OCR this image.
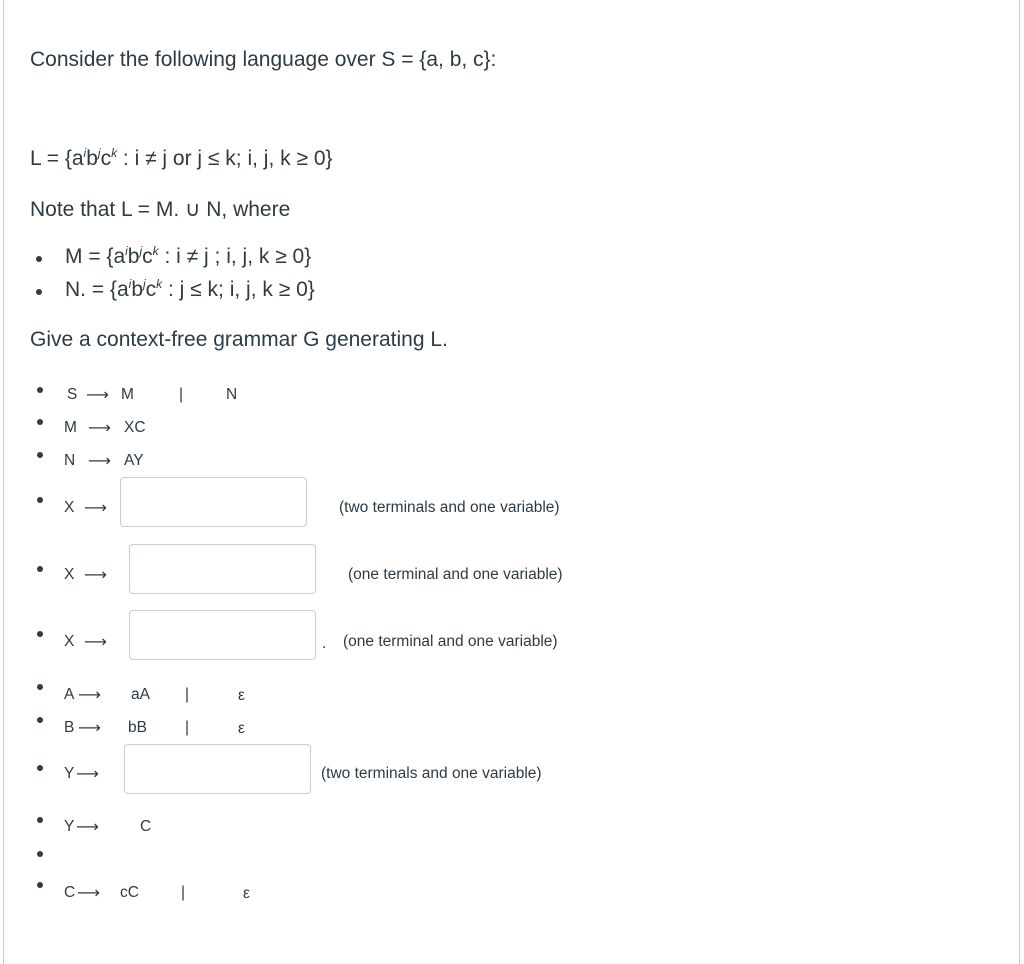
Consider the following language over S = {a, b, c}:
$L = \{a^ib^jc^k$ : i ≠ j or j ≤ k; i, j, k ≥ 0}
Note that L = M. ∪ N, where
$M = \{a^ib^jc^k$ : i ≠ j ; i, j, k ≥ 0}
N. = {$a^ib^jc^k$ : j ≤ k; i, j, k ≥ 0}
Give a context-free grammar G generating L.
S ⟶ M	|	N
M ⟶ XC
N ⟶ AY
X ⟶	(two terminals and one variable)
X ⟶	(one terminal and one variable)
X ⟶	. (one terminal and one variable)
A ⟶ aA |	ε
B ⟶ bB |	ε
Y ⟶	(two terminals and one variable)
Y ⟶	C
C ⟶ cC	|	ε
